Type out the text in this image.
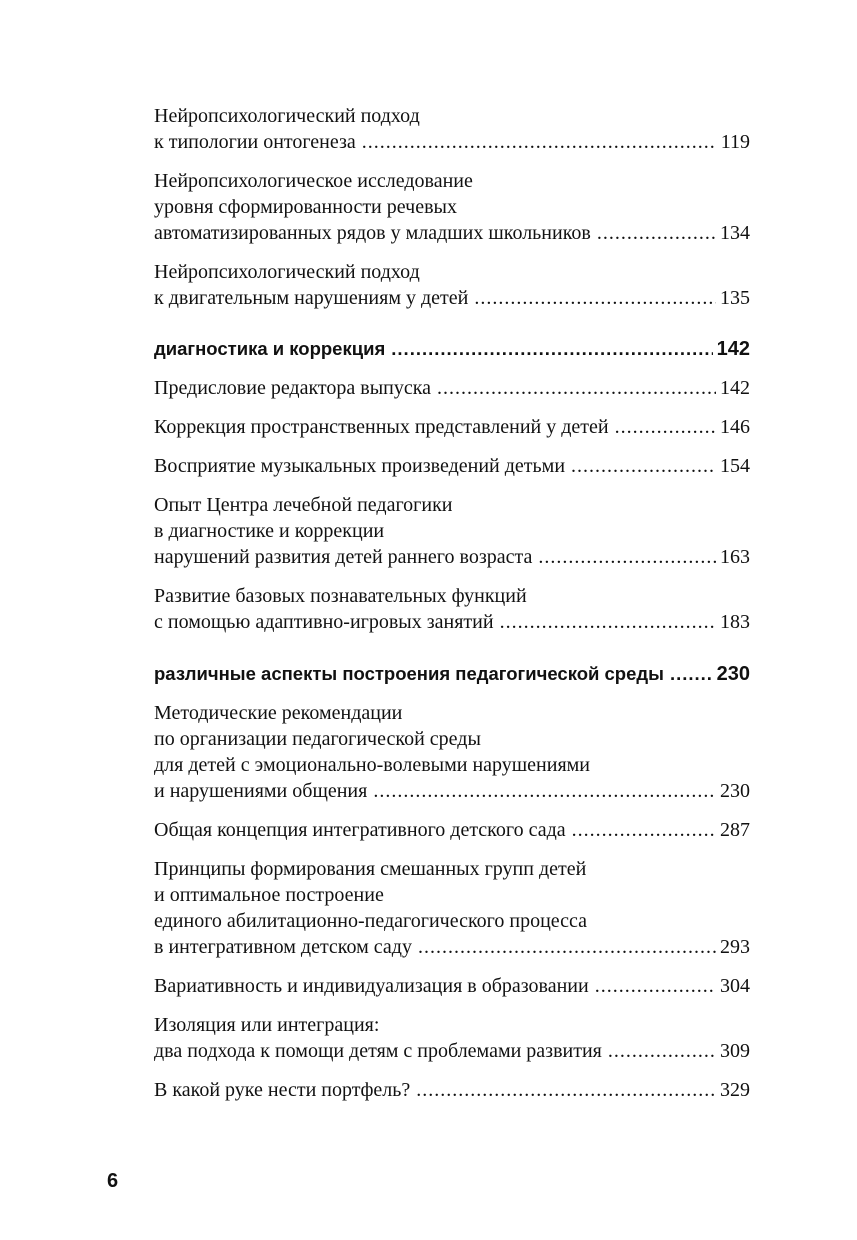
Нейропсихологический подход
к типологии онтогенеза .....	119
Нейропсихологическое исследование
уровня сформированности речевых
автоматизированных рядов у младших школьников .....	134
Нейропсихологический подход
к двигательным нарушениям у детей .....	135
диагностика и коррекция .....	142
Предисловие редактора выпуска .....	142
Коррекция пространственных представлений у детей .....	146
Восприятие музыкальных произведений детьми .....	154
Опыт Центра лечебной педагогики
в диагностике и коррекции
нарушений развития детей раннего возраста .....	163
Развитие базовых познавательных функций
с помощью адаптивно-игровых занятий .....	183
различные аспекты построения педагогической среды .....	230
Методические рекомендации
по организации педагогической среды
для детей с эмоционально-волевыми нарушениями
и нарушениями общения .....	230
Общая концепция интегративного детского сада .....	287
Принципы формирования смешанных групп детей
и оптимальное построение
единого абилитационно-педагогического процесса
в интегративном детском саду .....	293
Вариативность и индивидуализация в образовании .....	304
Изоляция или интеграция:
два подхода к помощи детям с проблемами развития .....	309
В какой руке нести портфель? .....	329
6
